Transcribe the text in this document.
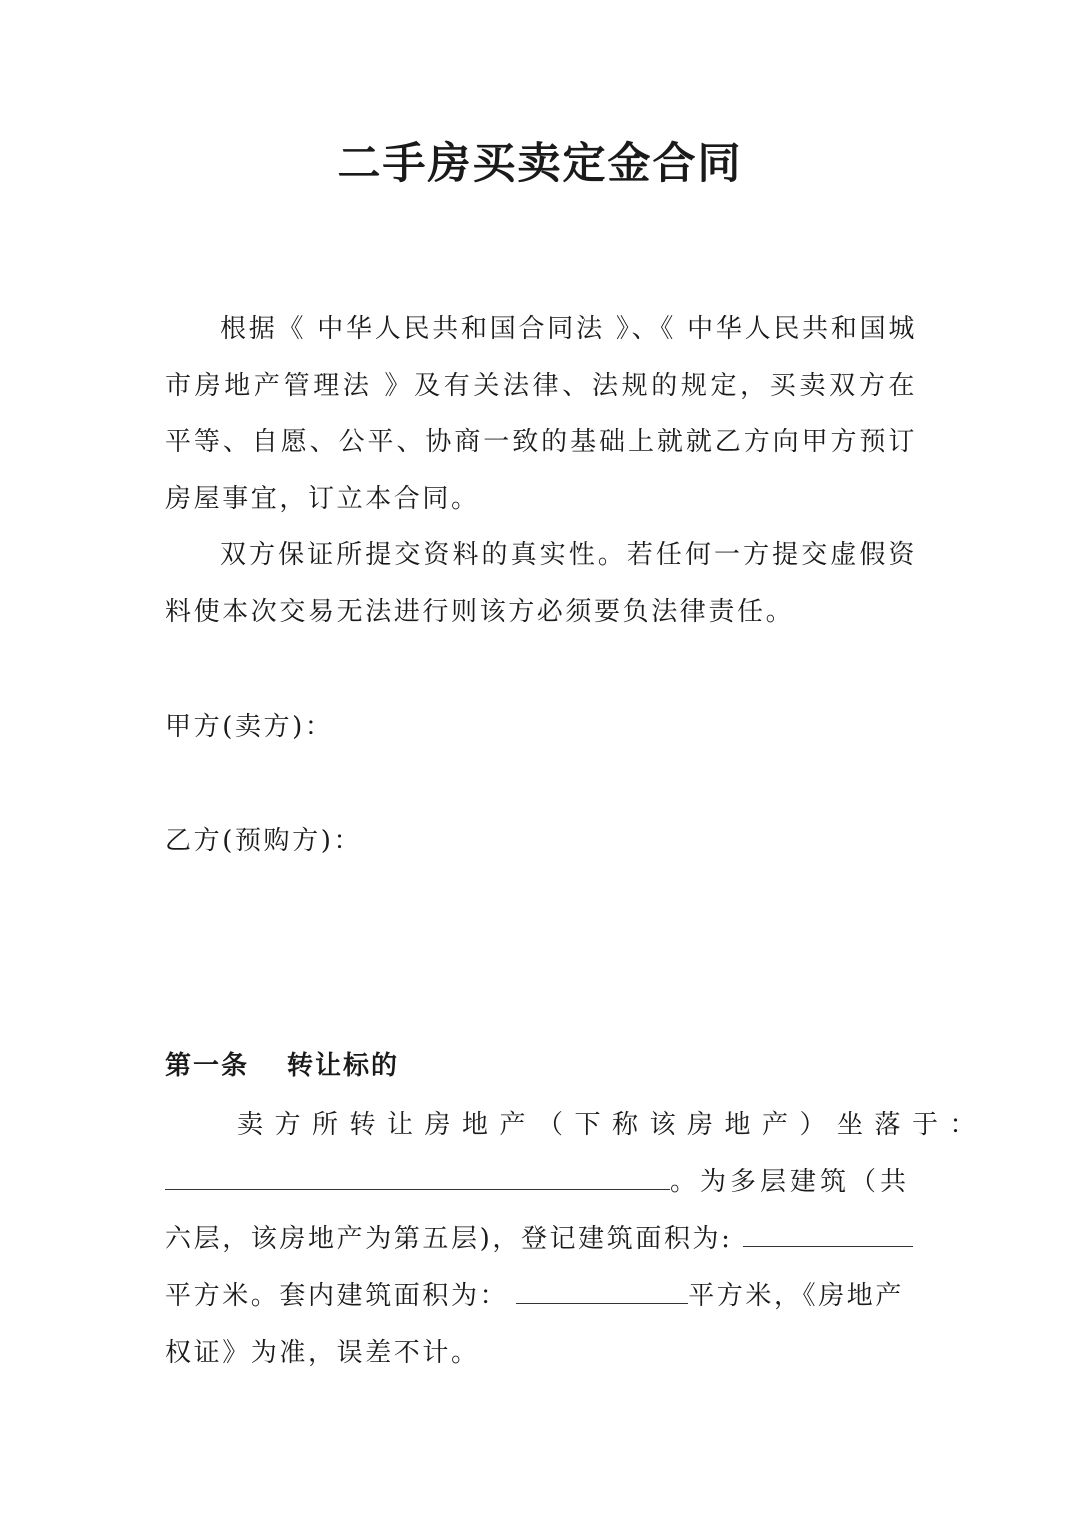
二手房买卖定金合同
根据《 中华人民共和国合同法 》、《 中华人民共和国城市房地产管理法 》及有关法律、法规的规定，买卖双方在平等、自愿、公平、协商一致的基础上就就乙方向甲方预订房屋事宜，订立本合同。
双方保证所提交资料的真实性。若任何一方提交虚假资料使本次交易无法进行则该方必须要负法律责任。
甲方(卖方)：
乙方(预购方)：
第一条 转让标的
卖方所转让房地产（下称该房地产）坐落于：
。为多层建筑（共
六层，该房地产为第五层)，登记建筑面积为:
平方米。套内建筑面积为：	平方米，《房地产
权证》为准，误差不计。
